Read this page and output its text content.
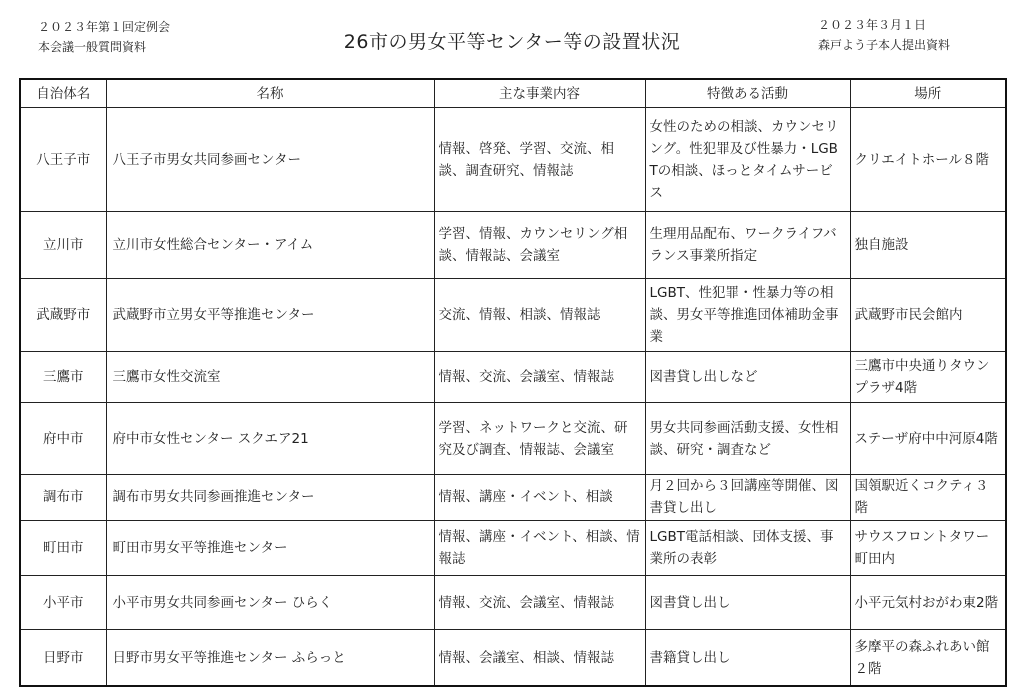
２０２３年第１回定例会
本会議一般質問資料	26市の男女平等センター等の設置状況
２０２３年３月１日
森戸よう子本人提出資料
自治体名	名称	主な事業内容	特徴ある活動	場所
八王子市	八王子市男女共同参画センター	情報、啓発、学習、交流、相談、調査研究、情報誌	女性のための相談、カウンセリング。性犯罪及び性暴力・LGBTの相談、ほっとタイムサービス	クリエイトホール８階
立川市	立川市女性総合センター・アイム	学習、情報、カウンセリング相談、情報誌、会議室	生理用品配布、ワークライフバランス事業所指定	独自施設
武蔵野市	武蔵野市立男女平等推進センター	交流、情報、相談、情報誌	LGBT、性犯罪・性暴力等の相談、男女平等推進団体補助金事業	武蔵野市民会館内
三鷹市	三鷹市女性交流室	情報、交流、会議室、情報誌	図書貸し出しなど	三鷹市中央通りタウンプラザ4階
府中市	府中市女性センター スクエア21	学習、ネットワークと交流、研究及び調査、情報誌、会議室	男女共同参画活動支援、女性相談、研究・調査など	ステーザ府中中河原4階
調布市	調布市男女共同参画推進センター	情報、講座・イベント、相談	月２回から３回講座等開催、図書貸し出し	国領駅近くコクティ３階
町田市	町田市男女平等推進センター	情報、講座・イベント、相談、情報誌	LGBT電話相談、団体支援、事業所の表彰	サウスフロントタワー町田内
小平市	小平市男女共同参画センター ひらく	情報、交流、会議室、情報誌	図書貸し出し	小平元気村おがわ東2階
日野市	日野市男女平等推進センター ふらっと	情報、会議室、相談、情報誌	書籍貸し出し	多摩平の森ふれあい館２階
